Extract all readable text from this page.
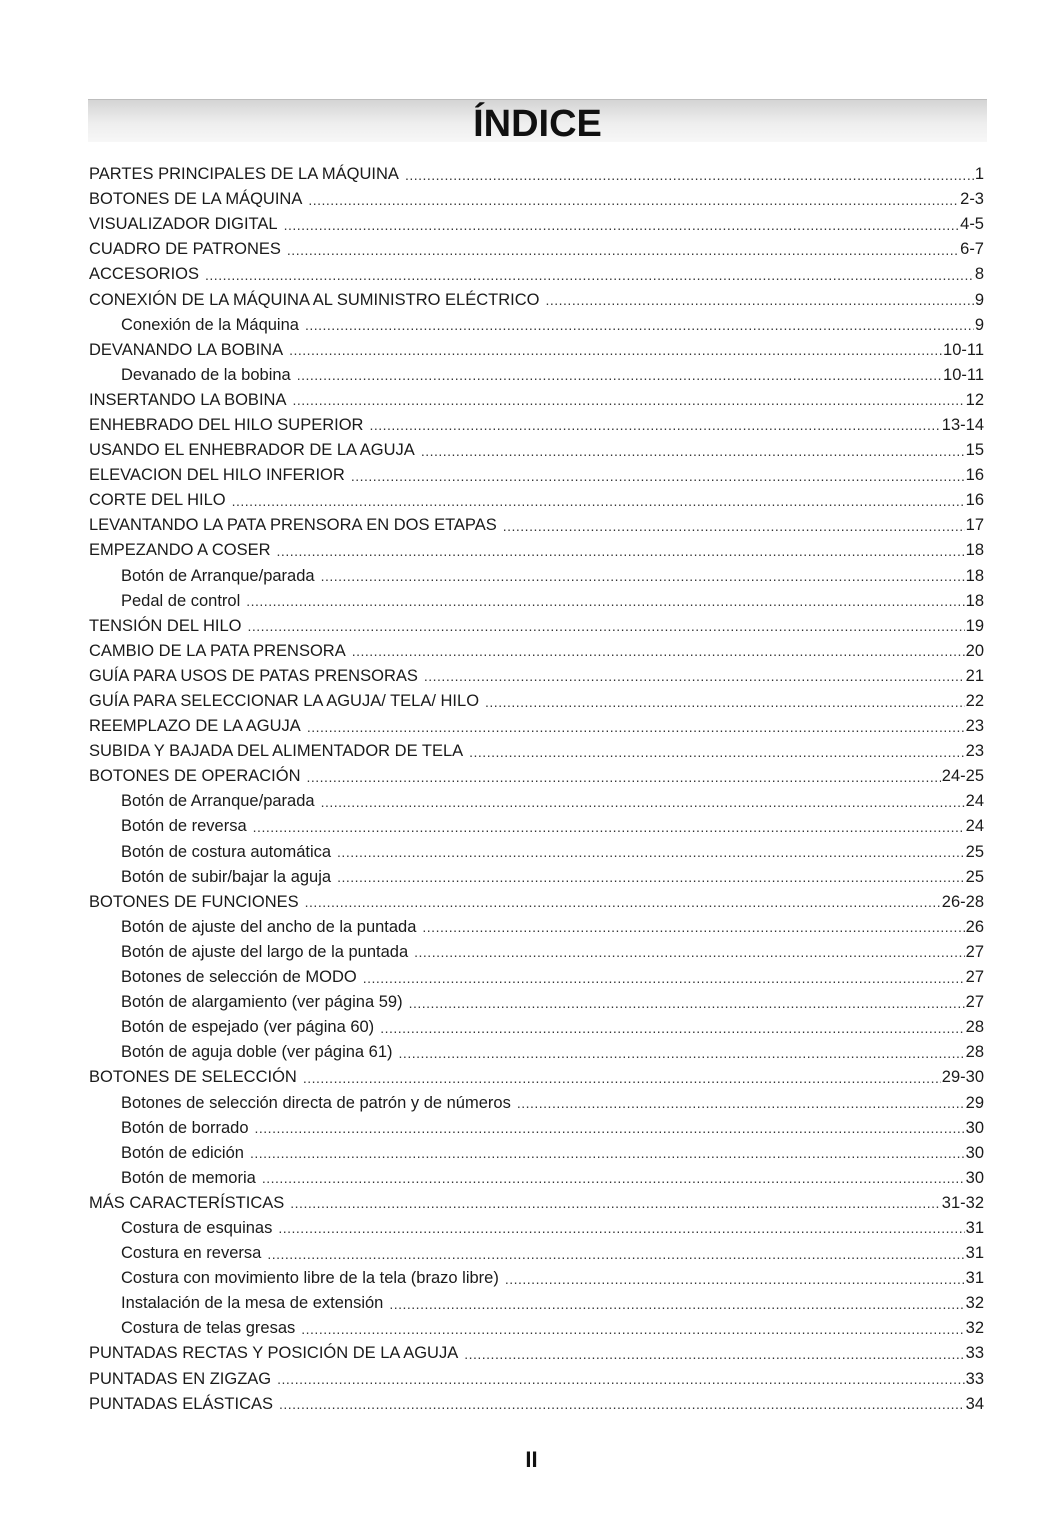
ÍNDICE
PARTES PRINCIPALES DE LA MÁQUINA .....	1
BOTONES DE LA MÁQUINA .....	2-3
VISUALIZADOR DIGITAL .....	4-5
CUADRO DE PATRONES .....	6-7
ACCESORIOS .....	8
CONEXIÓN DE LA MÁQUINA AL SUMINISTRO ELÉCTRICO .....	9
Conexión de la Máquina .....	9
DEVANANDO LA BOBINA .....	10-11
Devanado de la bobina .....	10-11
INSERTANDO LA BOBINA .....	12
ENHEBRADO DEL HILO SUPERIOR .....	13-14
USANDO EL ENHEBRADOR DE LA AGUJA .....	15
ELEVACION DEL HILO INFERIOR .....	16
CORTE DEL HILO .....	16
LEVANTANDO LA PATA PRENSORA EN DOS ETAPAS .....	17
EMPEZANDO A COSER .....	18
Botón de Arranque/parada .....	18
Pedal de control .....	18
TENSIÓN DEL HILO .....	19
CAMBIO DE LA PATA PRENSORA .....	20
GUÍA PARA USOS DE PATAS PRENSORAS .....	21
GUÍA PARA SELECCIONAR LA AGUJA/ TELA/ HILO .....	22
REEMPLAZO DE LA AGUJA .....	23
SUBIDA Y BAJADA DEL ALIMENTADOR DE TELA .....	23
BOTONES DE OPERACIÓN .....	24-25
Botón de Arranque/parada .....	24
Botón de reversa .....	24
Botón de costura automática .....	25
Botón de subir/bajar la aguja .....	25
BOTONES DE FUNCIONES .....	26-28
Botón de ajuste del ancho de la puntada .....	26
Botón de ajuste del largo de la puntada .....	27
Botones de selección de MODO .....	27
Botón de alargamiento (ver página 59) .....	27
Botón de espejado (ver página 60) .....	28
Botón de aguja doble (ver página 61) .....	28
BOTONES DE SELECCIÓN .....	29-30
Botones de selección directa de patrón y de números .....	29
Botón de borrado .....	30
Botón de edición .....	30
Botón de memoria .....	30
MÁS CARACTERÍSTICAS .....	31-32
Costura de esquinas .....	31
Costura en reversa .....	31
Costura con movimiento libre de la tela (brazo libre) .....	31
Instalación de la mesa de extensión .....	32
Costura de telas gresas .....	32
PUNTADAS RECTAS Y POSICIÓN DE LA AGUJA .....	33
PUNTADAS EN ZIGZAG .....	33
PUNTADAS ELÁSTICAS .....	34
II
